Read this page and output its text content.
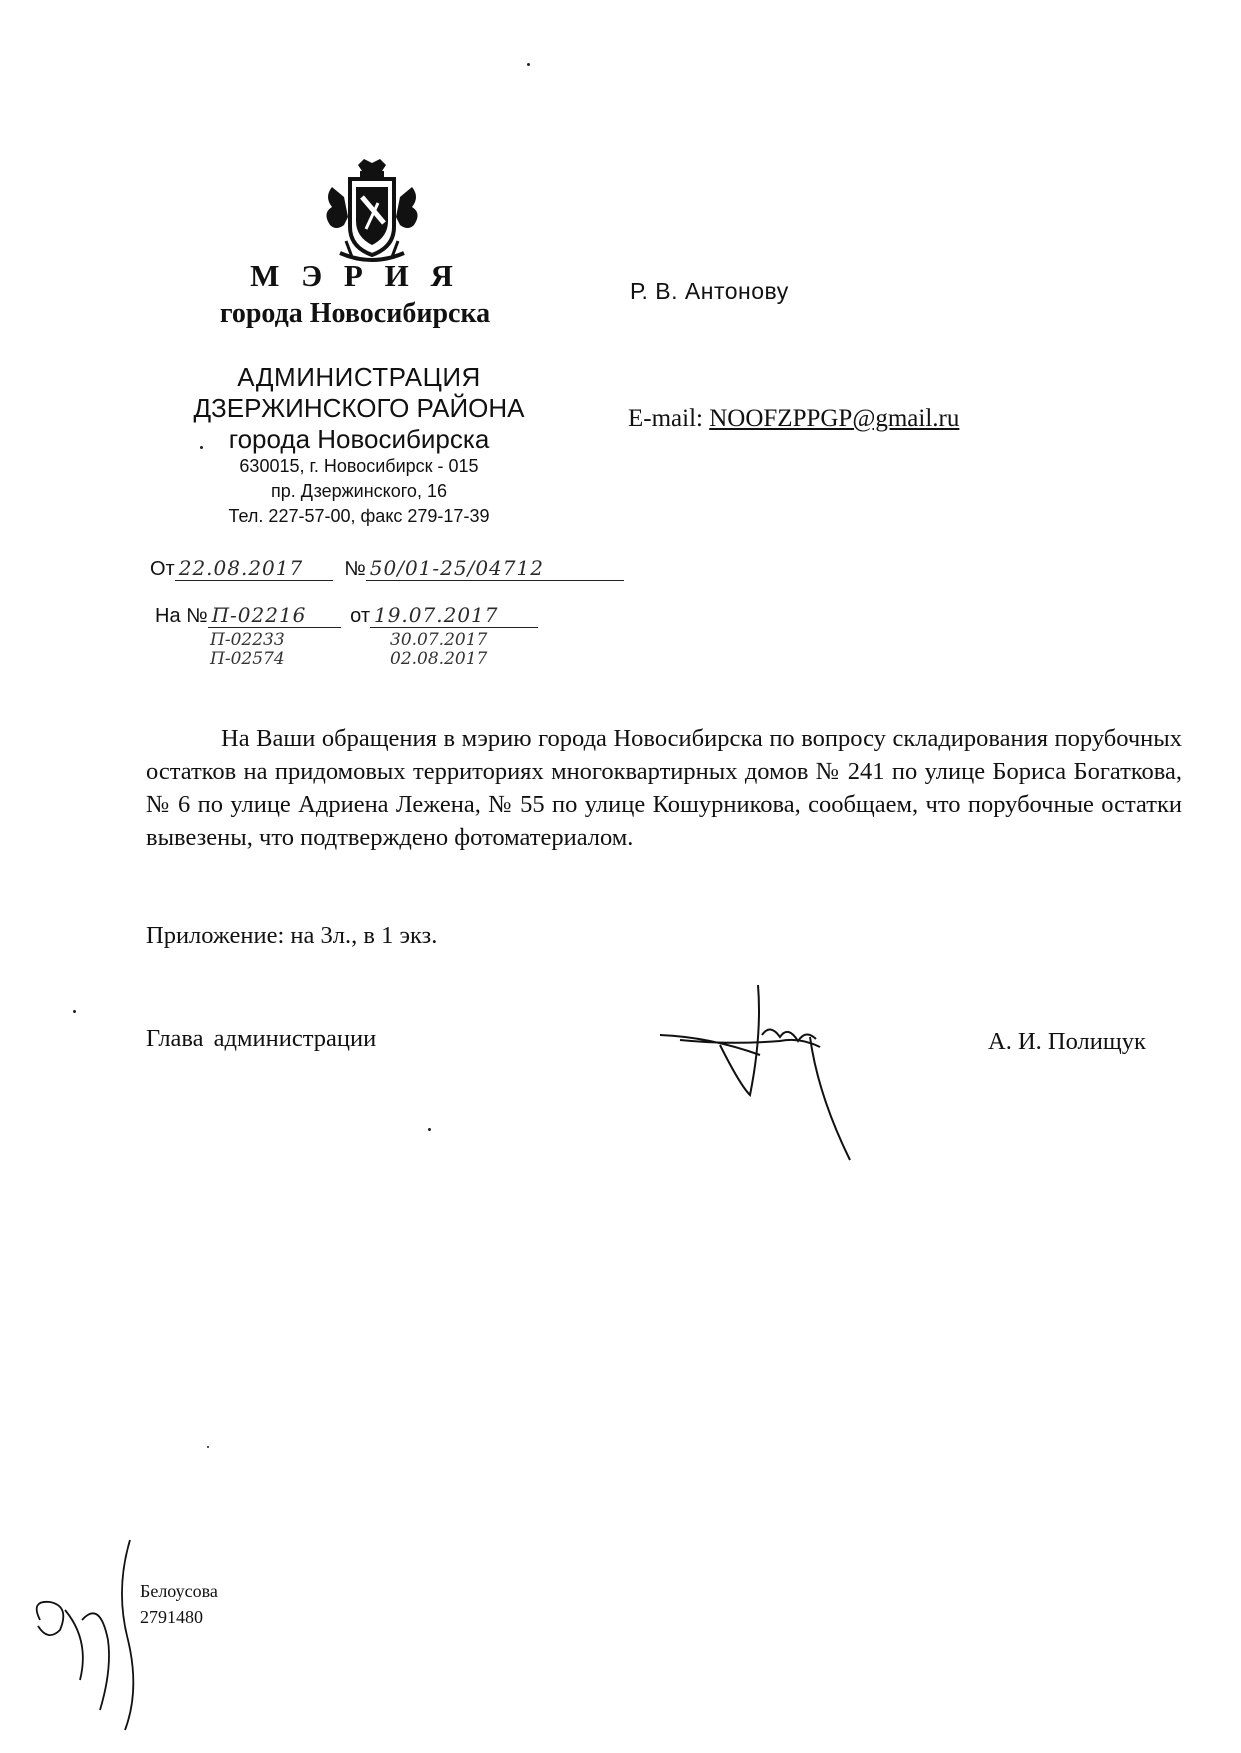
М Э Р И Я
города Новосибирска
АДМИНИСТРАЦИЯ
ДЗЕРЖИНСКОГО РАЙОНА
города Новосибирска
630015, г. Новосибирск - 015
пр. Дзержинского, 16
Тел. 227-57-00, факс 279-17-39
Р. В. Антонову
E-mail: NOOFZPPGP@gmail.ru
От 22.08.2017 № 50/01-25/04712
На № П-02216 от 19.07.2017
П-02233	30.07.2017
П-02574	02.08.2017
На Ваши обращения в мэрию города Новосибирска по вопросу складирования порубочных остатков на придомовых территориях многоквартирных домов № 241 по улице Бориса Богаткова, № 6 по улице Адриена Лежена, № 55 по улице Кошурникова, сообщаем, что порубочные остатки вывезены, что подтверждено фотоматериалом.
Приложение: на 3л., в 1 экз.
Глава администрации	А. И. Полищук
Белоусова
2791480
